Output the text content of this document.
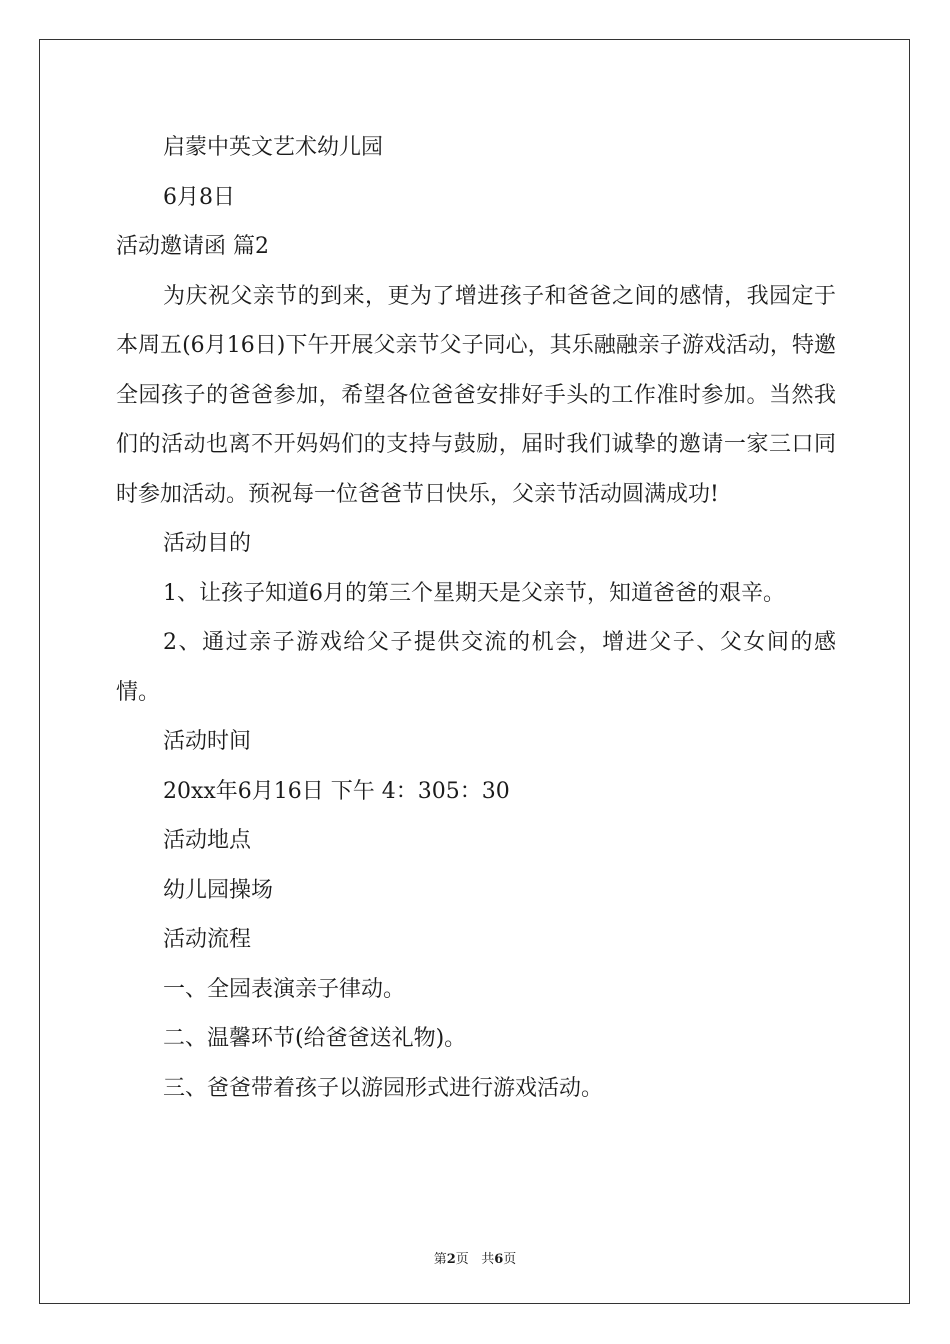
启蒙中英文艺术幼儿园

6月8日

活动邀请函 篇2

为庆祝父亲节的到来，更为了增进孩子和爸爸之间的感情，我园定于本周五(6月16日)下午开展父亲节父子同心，其乐融融亲子游戏活动，特邀全园孩子的爸爸参加，希望各位爸爸安排好手头的工作准时参加。当然我们的活动也离不开妈妈们的支持与鼓励，届时我们诚挚的邀请一家三口同时参加活动。预祝每一位爸爸节日快乐，父亲节活动圆满成功!

活动目的

1、让孩子知道6月的第三个星期天是父亲节，知道爸爸的艰辛。

2、通过亲子游戏给父子提供交流的机会，增进父子、父女间的感情。

活动时间

20xx年6月16日 下午 4：305：30

活动地点

幼儿园操场

活动流程

一、全园表演亲子律动。

二、温馨环节(给爸爸送礼物)。

三、爸爸带着孩子以游园形式进行游戏活动。

第2页 共6页
